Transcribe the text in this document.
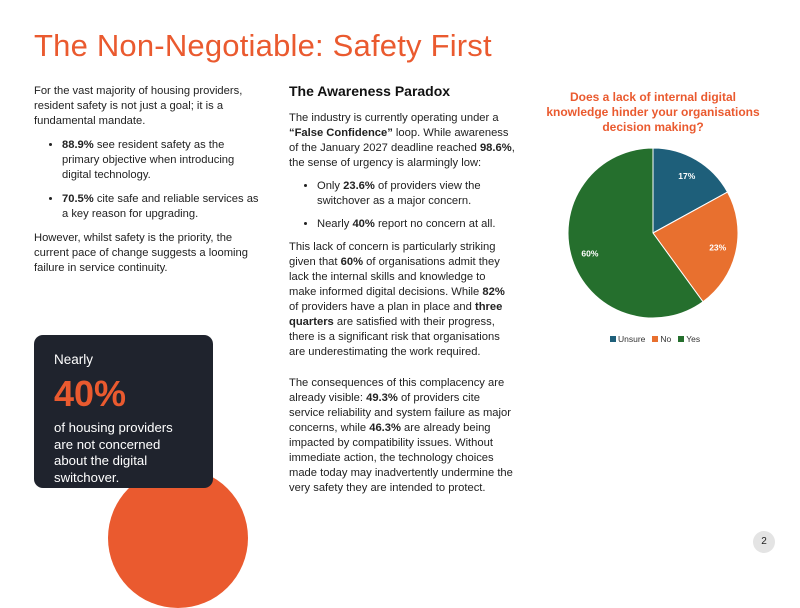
The Non-Negotiable: Safety First

For the vast majority of housing providers, resident safety is not just a goal; it is a fundamental mandate.

• 88.9% see resident safety as the primary objective when introducing digital technology.
• 70.5% cite safe and reliable services as a key reason for upgrading.

However, whilst safety is the priority, the current pace of change suggests a looming failure in service continuity.

Nearly
40%
of housing providers are not concerned about the digital switchover.
The Awareness Paradox

The industry is currently operating under a “False Confidence” loop. While awareness of the January 2027 deadline reached 98.6%, the sense of urgency is alarmingly low:

• Only 23.6% of providers view the switchover as a major concern.
• Nearly 40% report no concern at all.

This lack of concern is particularly striking given that 60% of organisations admit they lack the internal skills and knowledge to make informed digital decisions. While 82% of providers have a plan in place and three quarters are satisfied with their progress, there is a significant risk that organisations are underestimating the work required.

The consequences of this complacency are already visible: 49.3% of providers cite service reliability and system failure as major concerns, while 46.3% are already being impacted by compatibility issues. Without immediate action, the technology choices made today may inadvertently undermine the very safety they are intended to protect.

Does a lack of internal digital knowledge hinder your organisations decision making?
17%
23%
60%
Unsure No Yes
2
